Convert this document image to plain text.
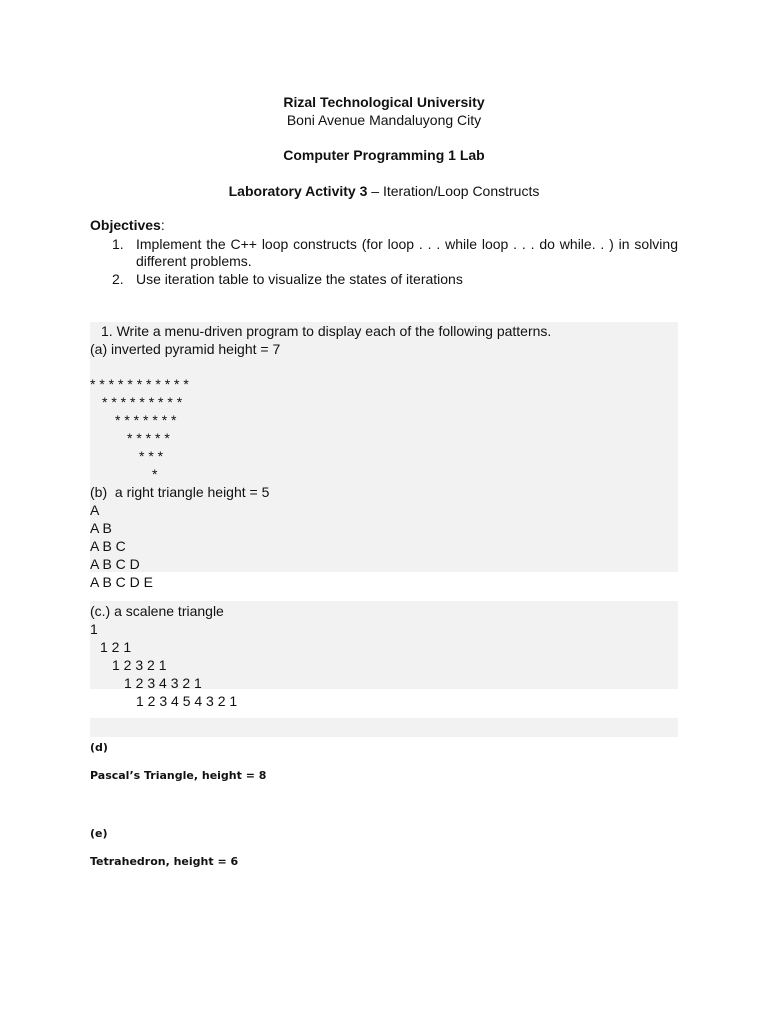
Rizal Technological University
Boni Avenue Mandaluyong City
Computer Programming 1 Lab
Laboratory Activity 3 – Iteration/Loop Constructs
Objectives:
1. Implement the C++ loop constructs (for loop . . . while loop . . . do while. . ) in solving different problems.
2. Use iteration table to visualize the states of iterations
1. Write a menu-driven program to display each of the following patterns.
(a) inverted pyramid height = 7
* * * * * * * * * * *
* * * * * * * * *
* * * * * * *
* * * * *
* * *
*
(b)  a right triangle height = 5
A
A B
A B C
A B C D
A B C D E
(c.) a scalene triangle
1
1 2 1
1 2 3 2 1
1 2 3 4 3 2 1
1 2 3 4 5 4 3 2 1
(d)
Pascal’s Triangle, height = 8
(e)
Tetrahedron, height = 6
